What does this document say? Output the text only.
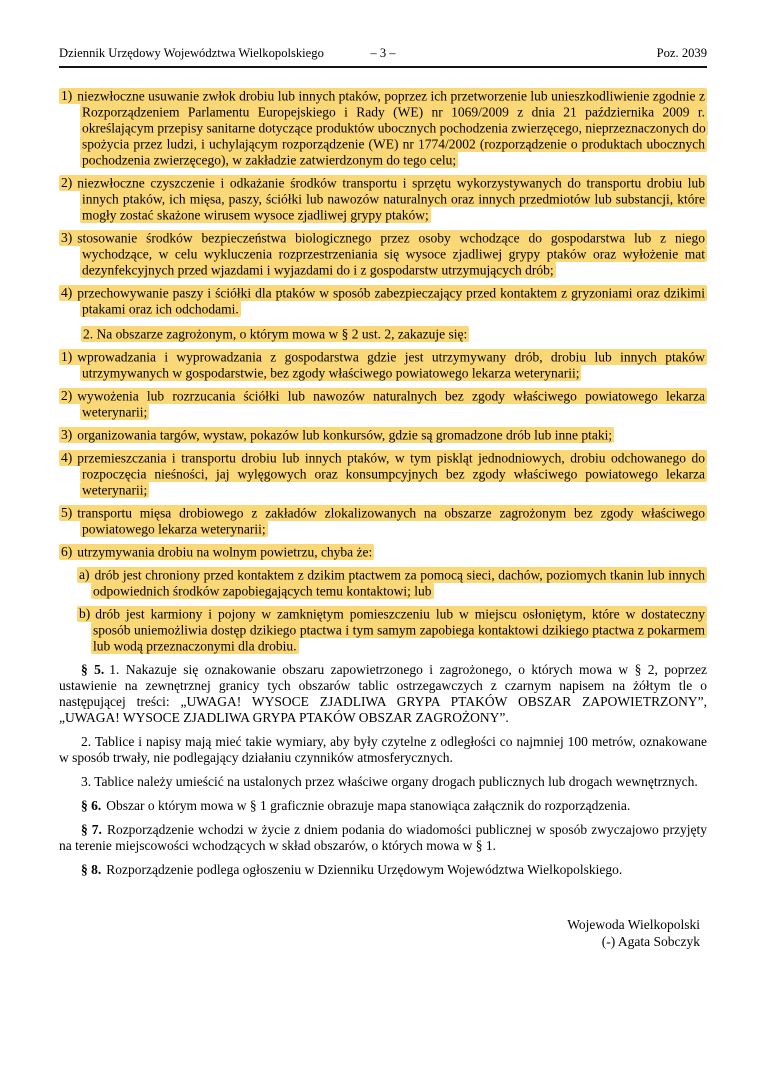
Dziennik Urzędowy Województwa Wielkopolskiego	– 3 –	Poz. 2039

1) niezwłoczne usuwanie zwłok drobiu lub innych ptaków, poprzez ich przetworzenie lub unieszkodliwienie zgodnie z Rozporządzeniem Parlamentu Europejskiego i Rady (WE) nr 1069/2009 z dnia 21 października 2009 r. określającym przepisy sanitarne dotyczące produktów ubocznych pochodzenia zwierzęcego, nieprzeznaczonych do spożycia przez ludzi, i uchylającym rozporządzenie (WE) nr 1774/2002 (rozporządzenie o produktach ubocznych pochodzenia zwierzęcego), w zakładzie zatwierdzonym do tego celu;

2) niezwłoczne czyszczenie i odkażanie środków transportu i sprzętu wykorzystywanych do transportu drobiu lub innych ptaków, ich mięsa, paszy, ściółki lub nawozów naturalnych oraz innych przedmiotów lub substancji, które mogły zostać skażone wirusem wysoce zjadliwej grypy ptaków;

3) stosowanie środków bezpieczeństwa biologicznego przez osoby wchodzące do gospodarstwa lub z niego wychodzące, w celu wykluczenia rozprzestrzeniania się wysoce zjadliwej grypy ptaków oraz wyłożenie mat dezynfekcyjnych przed wjazdami i wyjazdami do i z gospodarstw utrzymujących drób;

4) przechowywanie paszy i ściółki dla ptaków w sposób zabezpieczający przed kontaktem z gryzoniami oraz dzikimi ptakami oraz ich odchodami.

2. Na obszarze zagrożonym, o którym mowa w § 2 ust. 2, zakazuje się:

1) wprowadzania i wyprowadzania z gospodarstwa gdzie jest utrzymywany drób, drobiu lub innych ptaków utrzymywanych w gospodarstwie, bez zgody właściwego powiatowego lekarza weterynarii;

2) wywożenia lub rozrzucania ściółki lub nawozów naturalnych bez zgody właściwego powiatowego lekarza weterynarii;

3) organizowania targów, wystaw, pokazów lub konkursów, gdzie są gromadzone drób lub inne ptaki;

4) przemieszczania i transportu drobiu lub innych ptaków, w tym piskląt jednodniowych, drobiu odchowanego do rozpoczęcia nieśności, jaj wylęgowych oraz konsumpcyjnych bez zgody właściwego powiatowego lekarza weterynarii;

5) transportu mięsa drobiowego z zakładów zlokalizowanych na obszarze zagrożonym bez zgody właściwego powiatowego lekarza weterynarii;

6) utrzymywania drobiu na wolnym powietrzu, chyba że:

a) drób jest chroniony przed kontaktem z dzikim ptactwem za pomocą sieci, dachów, poziomych tkanin lub innych odpowiednich środków zapobiegających temu kontaktowi; lub

b) drób jest karmiony i pojony w zamkniętym pomieszczeniu lub w miejscu osłoniętym, które w dostateczny sposób uniemożliwia dostęp dzikiego ptactwa i tym samym zapobiega kontaktowi dzikiego ptactwa z pokarmem lub wodą przeznaczonymi dla drobiu.

§ 5. 1. Nakazuje się oznakowanie obszaru zapowietrzonego i zagrożonego, o których mowa w § 2, poprzez ustawienie na zewnętrznej granicy tych obszarów tablic ostrzegawczych z czarnym napisem na żółtym tle o następującej treści: „UWAGA! WYSOCE ZJADLIWA GRYPA PTAKÓW OBSZAR ZAPOWIETRZONY”, „UWAGA! WYSOCE ZJADLIWA GRYPA PTAKÓW OBSZAR ZAGROŻONY”.

2. Tablice i napisy mają mieć takie wymiary, aby były czytelne z odległości co najmniej 100 metrów, oznakowane w sposób trwały, nie podlegający działaniu czynników atmosferycznych.

3. Tablice należy umieścić na ustalonych przez właściwe organy drogach publicznych lub drogach wewnętrznych.

§ 6. Obszar o którym mowa w § 1 graficznie obrazuje mapa stanowiąca załącznik do rozporządzenia.

§ 7. Rozporządzenie wchodzi w życie z dniem podania do wiadomości publicznej w sposób zwyczajowo przyjęty na terenie miejscowości wchodzących w skład obszarów, o których mowa w § 1.

§ 8. Rozporządzenie podlega ogłoszeniu w Dzienniku Urzędowym Województwa Wielkopolskiego.

Wojewoda Wielkopolski
(-) Agata Sobczyk
